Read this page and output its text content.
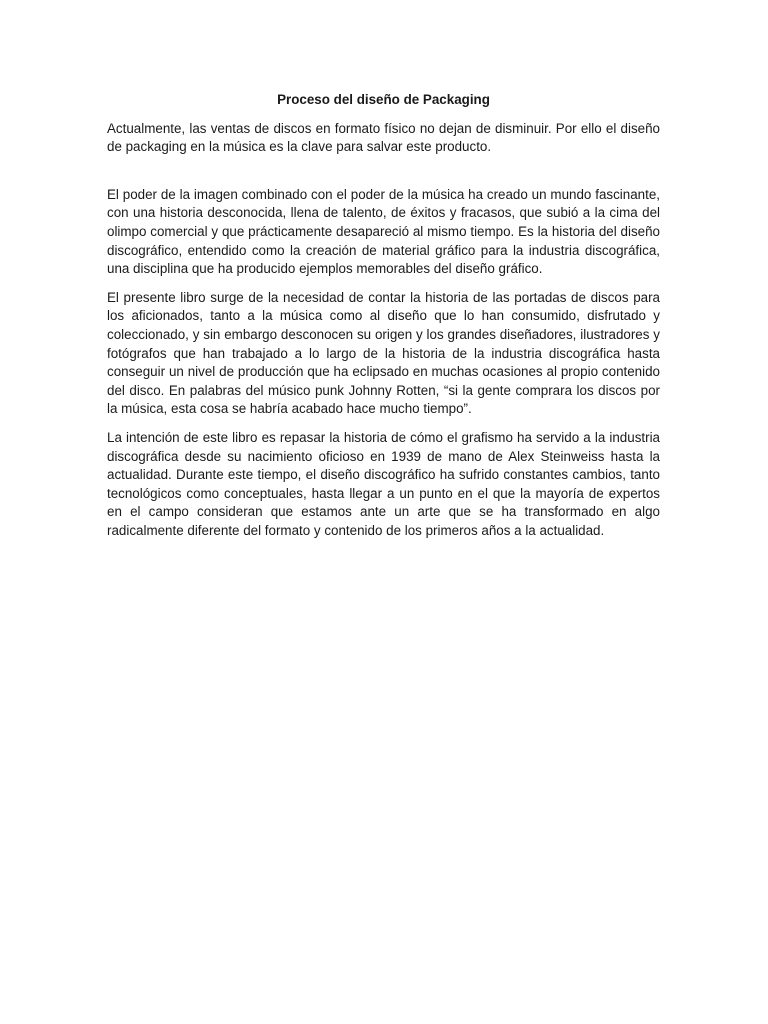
Proceso del diseño de Packaging

Actualmente, las ventas de discos en formato físico no dejan de disminuir. Por ello el diseño de packaging en la música es la clave para salvar este producto.

El poder de la imagen combinado con el poder de la música ha creado un mundo fascinante, con una historia desconocida, llena de talento, de éxitos y fracasos, que subió a la cima del olimpo comercial y que prácticamente desapareció al mismo tiempo. Es la historia del diseño discográfico, entendido como la creación de material gráfico para la industria discográfica, una disciplina que ha producido ejemplos memorables del diseño gráfico.

El presente libro surge de la necesidad de contar la historia de las portadas de discos para los aficionados, tanto a la música como al diseño que lo han consumido, disfrutado y coleccionado, y sin embargo desconocen su origen y los grandes diseñadores, ilustradores y fotógrafos que han trabajado a lo largo de la historia de la industria discográfica hasta conseguir un nivel de producción que ha eclipsado en muchas ocasiones al propio contenido del disco. En palabras del músico punk Johnny Rotten, “si la gente comprara los discos por la música, esta cosa se habría acabado hace mucho tiempo”.

La intención de este libro es repasar la historia de cómo el grafismo ha servido a la industria discográfica desde su nacimiento oficioso en 1939 de mano de Alex Steinweiss hasta la actualidad. Durante este tiempo, el diseño discográfico ha sufrido constantes cambios, tanto tecnológicos como conceptuales, hasta llegar a un punto en el que la mayoría de expertos en el campo consideran que estamos ante un arte que se ha transformado en algo radicalmente diferente del formato y contenido de los primeros años a la actualidad.
